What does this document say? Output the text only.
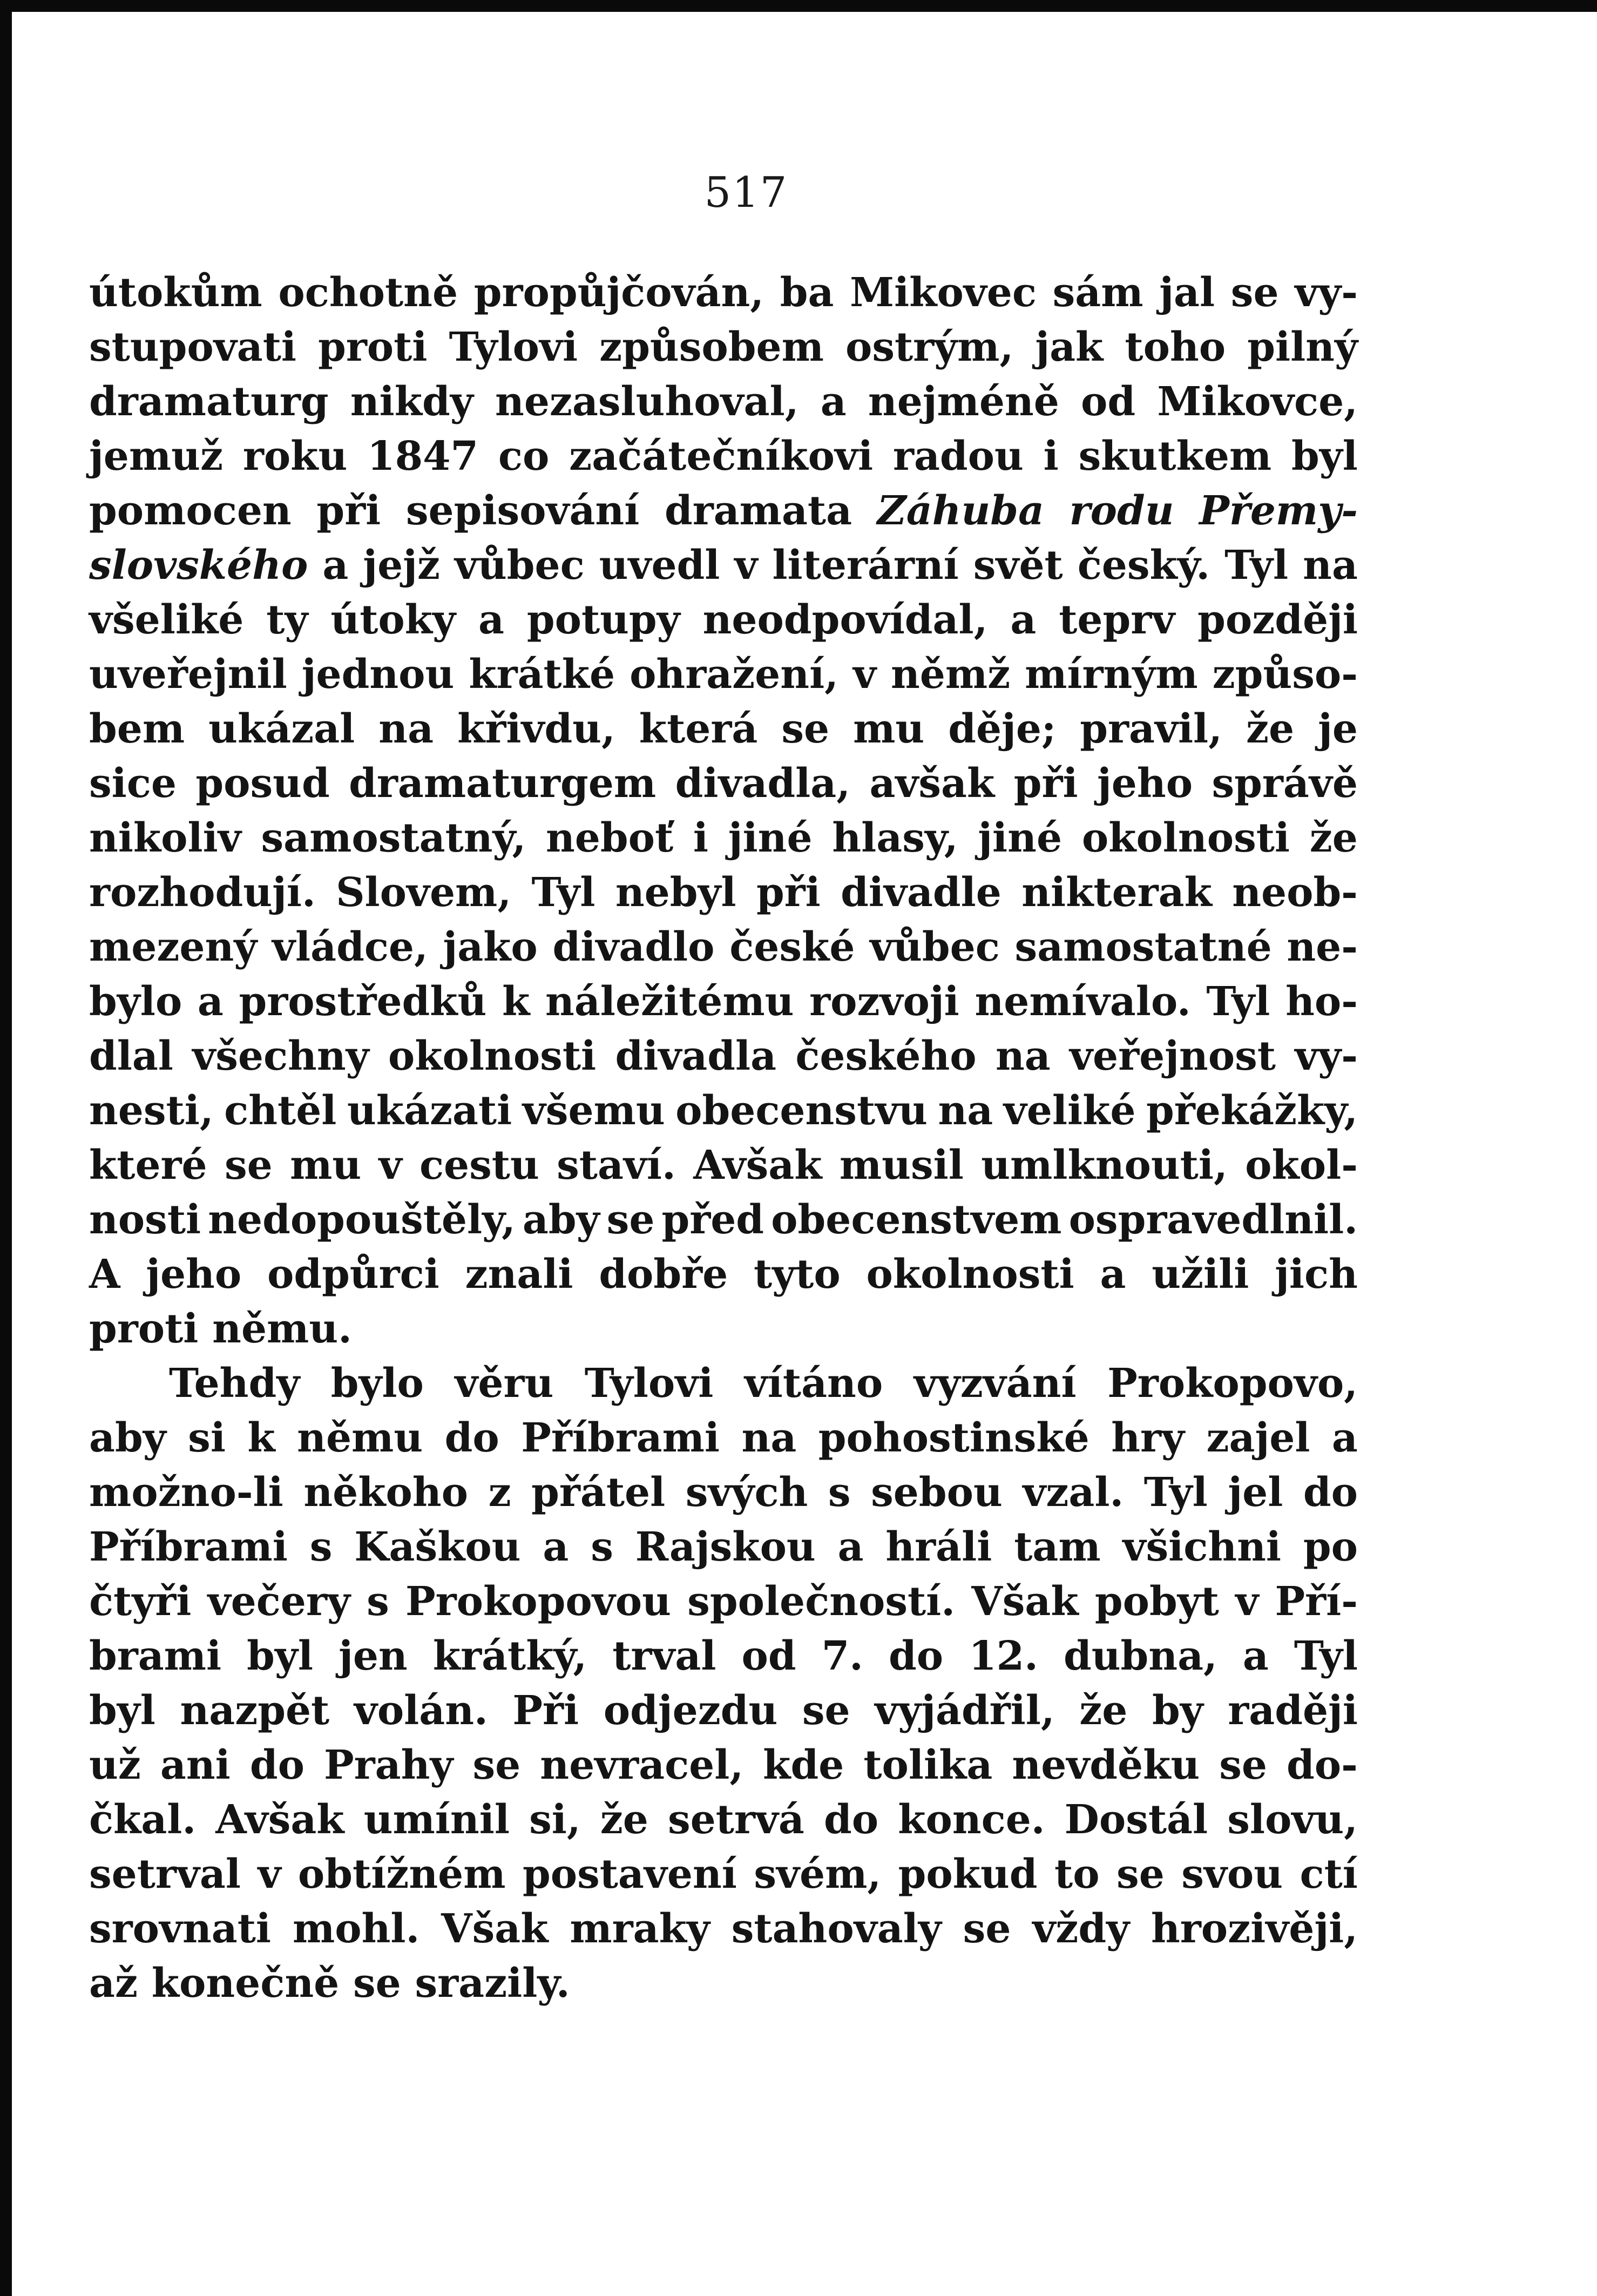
517
útokům ochotně propůjčován, ba Mikovec sám jal se vy-
stupovati proti Tylovi způsobem ostrým, jak toho pilný
dramaturg nikdy nezasluhoval, a nejméně od Mikovce,
jemuž roku 1847 co začátečníkovi radou i skutkem byl
pomocen při sepisování dramata Záhuba rodu Přemy-
slovského a jejž vůbec uvedl v literární svět český. Tyl na
všeliké ty útoky a potupy neodpovídal, a teprv později
uveřejnil jednou krátké ohražení, v němž mírným způso-
bem ukázal na křivdu, která se mu děje; pravil, že je
sice posud dramaturgem divadla, avšak při jeho správě
nikoliv samostatný, neboť i jiné hlasy, jiné okolnosti že
rozhodují. Slovem, Tyl nebyl při divadle nikterak neob-
mezený vládce, jako divadlo české vůbec samostatné ne-
bylo a prostředků k náležitému rozvoji nemívalo. Tyl ho-
dlal všechny okolnosti divadla českého na veřejnost vy-
nesti, chtěl ukázati všemu obecenstvu na veliké překážky,
které se mu v cestu staví. Avšak musil umlknouti, okol-
nosti nedopouštěly, aby se před obecenstvem ospravedlnil.
A jeho odpůrci znali dobře tyto okolnosti a užili jich
proti němu.
Tehdy bylo věru Tylovi vítáno vyzvání Prokopovo,
aby si k němu do Příbrami na pohostinské hry zajel a
možno-li někoho z přátel svých s sebou vzal. Tyl jel do
Příbrami s Kaškou a s Rajskou a hráli tam všichni po
čtyři večery s Prokopovou společností. Však pobyt v Pří-
brami byl jen krátký, trval od 7. do 12. dubna, a Tyl
byl nazpět volán. Při odjezdu se vyjádřil, že by raději
už ani do Prahy se nevracel, kde tolika nevděku se do-
čkal. Avšak umínil si, že setrvá do konce. Dostál slovu,
setrval v obtížném postavení svém, pokud to se svou ctí
srovnati mohl. Však mraky stahovaly se vždy hrozivěji,
až konečně se srazily.
